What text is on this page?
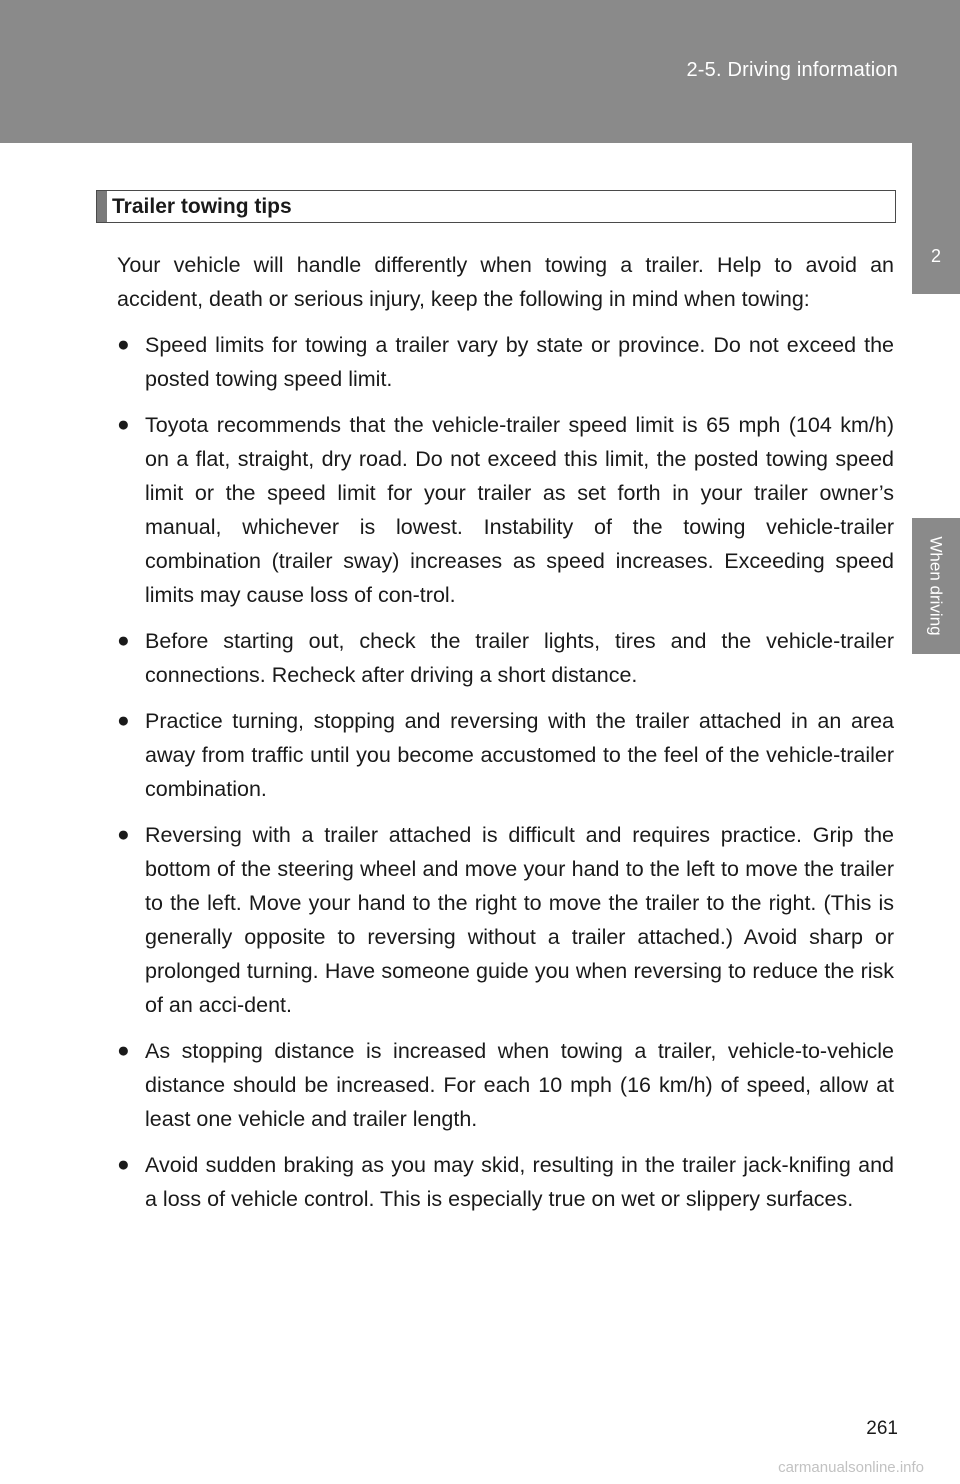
2-5. Driving information
2
When driving
Trailer towing tips

Your vehicle will handle differently when towing a trailer. Help to avoid an accident, death or serious injury, keep the following in mind when towing:

● Speed limits for towing a trailer vary by state or province. Do not exceed the posted towing speed limit.
● Toyota recommends that the vehicle-trailer speed limit is 65 mph (104 km/h) on a flat, straight, dry road. Do not exceed this limit, the posted towing speed limit or the speed limit for your trailer as set forth in your trailer owner’s manual, whichever is lowest. Instability of the towing vehicle-trailer combination (trailer sway) increases as speed increases. Exceeding speed limits may cause loss of con-trol.
● Before starting out, check the trailer lights, tires and the vehicle-trailer connections. Recheck after driving a short distance.
● Practice turning, stopping and reversing with the trailer attached in an area away from traffic until you become accustomed to the feel of the vehicle-trailer combination.
● Reversing with a trailer attached is difficult and requires practice. Grip the bottom of the steering wheel and move your hand to the left to move the trailer to the left. Move your hand to the right to move the trailer to the right. (This is generally opposite to reversing without a trailer attached.) Avoid sharp or prolonged turning. Have someone guide you when reversing to reduce the risk of an acci-dent.
● As stopping distance is increased when towing a trailer, vehicle-to-vehicle distance should be increased. For each 10 mph (16 km/h) of speed, allow at least one vehicle and trailer length.
● Avoid sudden braking as you may skid, resulting in the trailer jack-knifing and a loss of vehicle control. This is especially true on wet or slippery surfaces.
261
carmanualsonline.info
